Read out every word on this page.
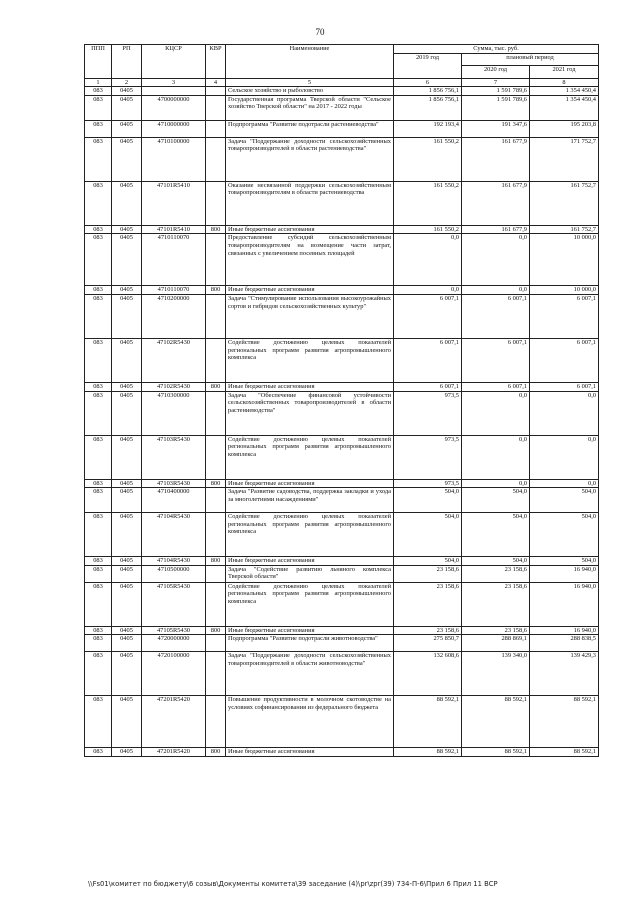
70
ППП	РП	КЦСР	КВР	Наименование	Сумма, тыс. руб.		
					2019 год	плановый период	
						2020 год	2021 год
1	2	3	4	5	6	7	8
083	0405			Сельское хозяйство и рыболовство	1 856 756,1	1 591 789,6	1 354 450,4
083	0405	4700000000		Государственная программа Тверской области "Сельское хозяйство Тверской области" на 2017 - 2022 годы	1 856 756,1	1 591 789,6	1 354 450,4
083	0405	4710000000		Подпрограмма "Развитие подотрасли растениеводства"	192 193,4	191 347,6	195 203,8
083	0405	4710100000		Задача "Поддержание доходности сельскохозяйственных товаропроизводителей в области растениеводства"	161 550,2	161 677,9	171 752,7
083	0405	47101R5410		Оказание несвязанной поддержки сельскохозяйственным товаропроизводителям в области растениеводства	161 550,2	161 677,9	161 752,7
083	0405	47101R5410	800	Иные бюджетные ассигнования	161 550,2	161 677,9	161 752,7
083	0405	4710110070		Предоставление субсидий сельскохозяйственным товаропроизводителям на возмещение части затрат, связанных с увеличением посевных площадей	0,0	0,0	10 000,0
083	0405	4710110070	800	Иные бюджетные ассигнования	0,0	0,0	10 000,0
083	0405	4710200000		Задача "Стимулирование использования высокоурожайных сортов и гибридов сельскохозяйственных культур"	6 007,1	6 007,1	6 007,1
083	0405	47102R5430		Содействие достижению целевых показателей региональных программ развития агропромышленного комплекса	6 007,1	6 007,1	6 007,1
083	0405	47102R5430	800	Иные бюджетные ассигнования	6 007,1	6 007,1	6 007,1
083	0405	4710300000		Задача "Обеспечение финансовой устойчивости сельскохозяйственных товаропроизводителей в области растениеводства"	973,5	0,0	0,0
083	0405	47103R5430		Содействие достижению целевых показателей региональных программ развития агропромышленного комплекса	973,5	0,0	0,0
083	0405	47103R5430	800	Иные бюджетные ассигнования	973,5	0,0	0,0
083	0405	4710400000		Задача "Развитие садоводства, поддержка закладки и ухода за многолетними насаждениями"	504,0	504,0	504,0
083	0405	47104R5430		Содействие достижению целевых показателей региональных программ развития агропромышленного комплекса	504,0	504,0	504,0
083	0405	47104R5430	800	Иные бюджетные ассигнования	504,0	504,0	504,0
083	0405	4710500000		Задача "Содействие развитию льняного комплекса Тверской области"	23 158,6	23 158,6	16 940,0
083	0405	47105R5430		Содействие достижению целевых показателей региональных программ развития агропромышленного комплекса	23 158,6	23 158,6	16 940,0
083	0405	47105R5430	800	Иные бюджетные ассигнования	23 158,6	23 158,6	16 940,0
083	0405	4720000000		Подпрограмма "Развитие подотрасли животноводства"	275 850,7	288 869,1	288 838,5
083	0405	4720100000		Задача "Поддержание доходности сельскохозяйственных товаропроизводителей в области животноводства"	132 608,6	139 340,0	139 429,3
083	0405	47201R5420		Повышение продуктивности в молочном скотоводстве на условиях софинансирования из федерального бюджета	88 592,1	88 592,1	88 592,1
083	0405	47201R5420	800	Иные бюджетные ассигнования	88 592,1	88 592,1	88 592,1
\\Fs01\комитет по бюджету\6 созыв\Документы комитета\39 заседание (4)\pr\zpr(39) 734-П-6\Прил 6 Прил 11 ВСР
